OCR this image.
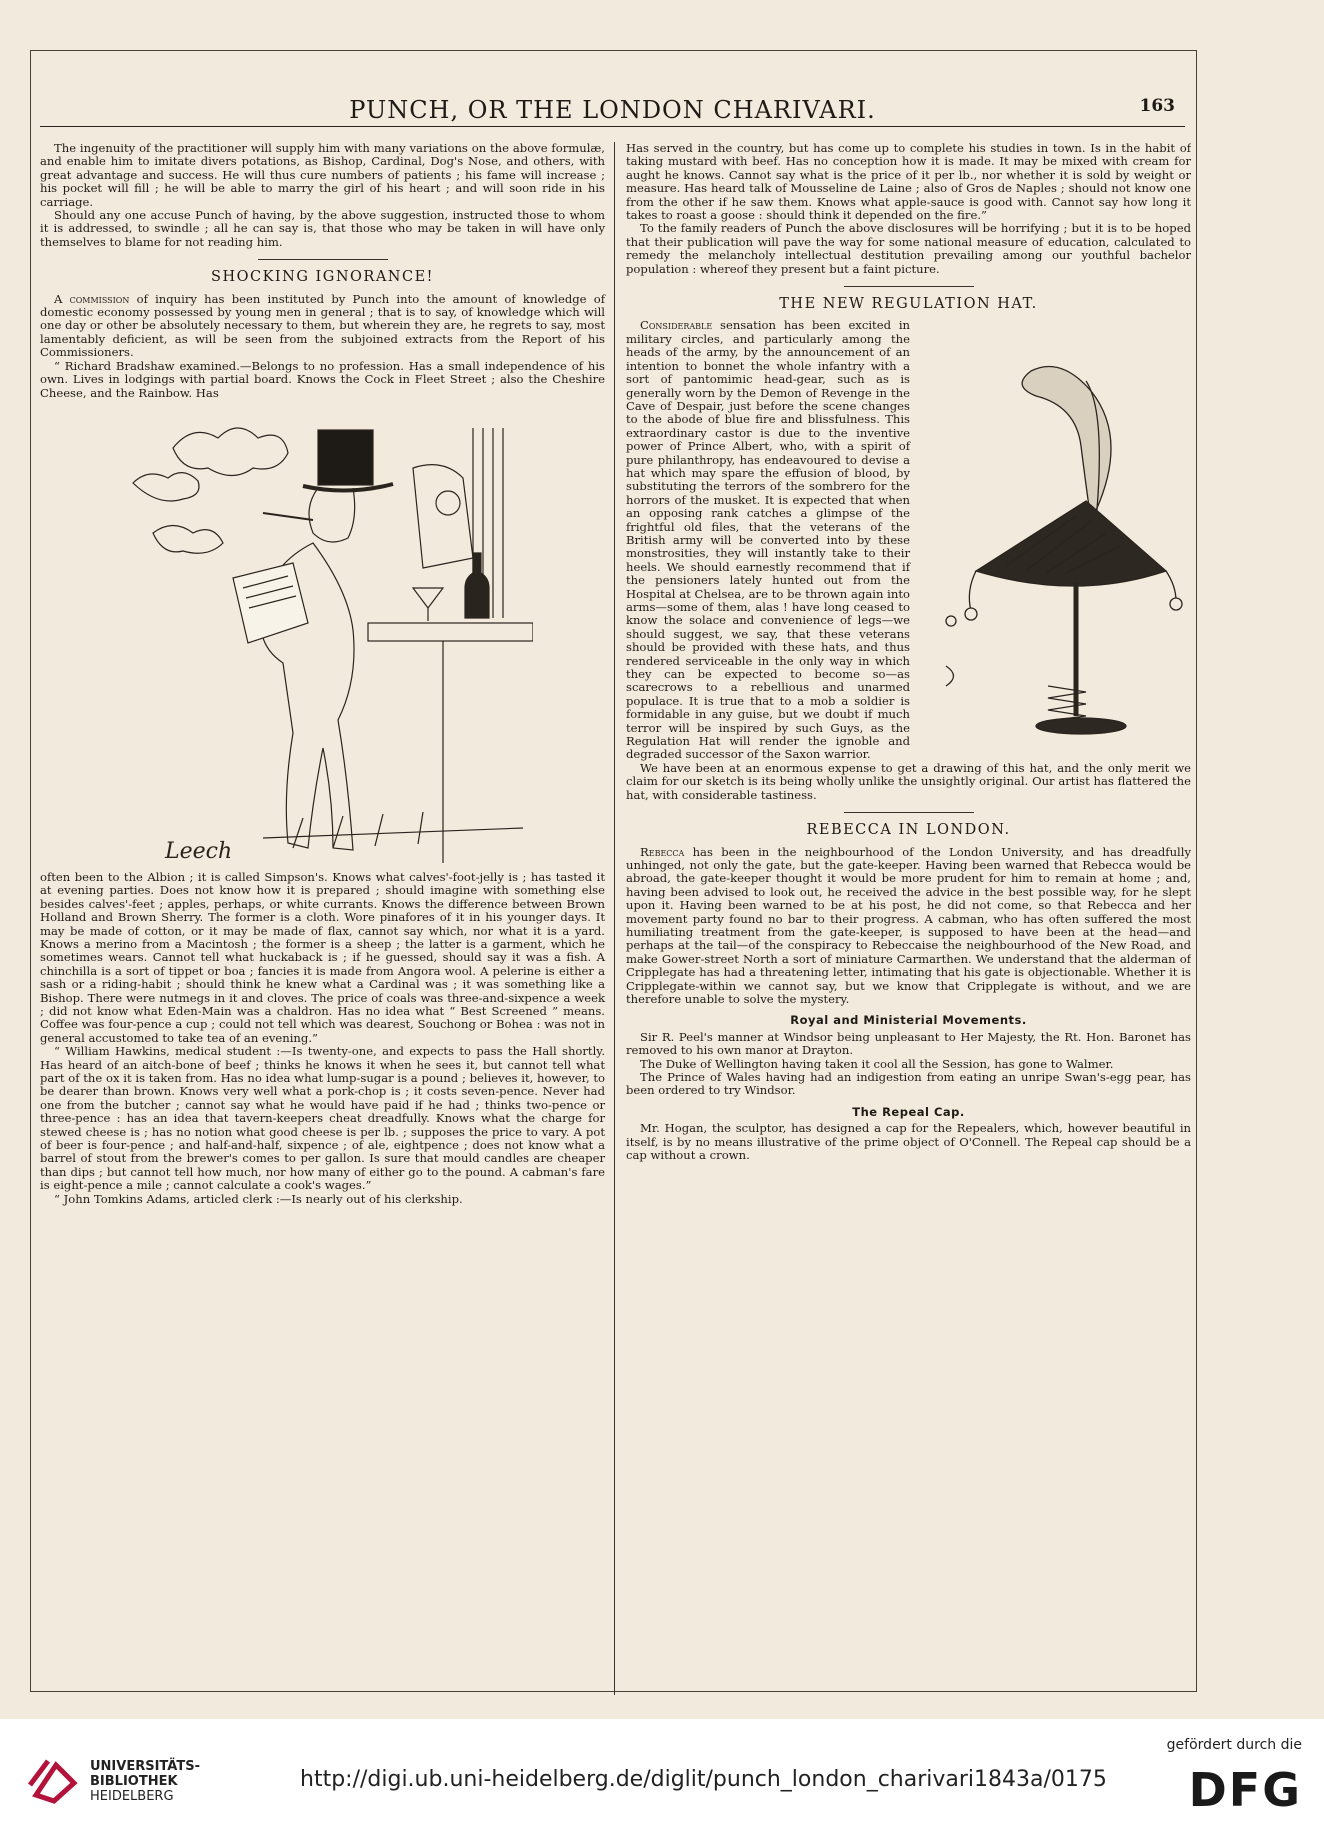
PUNCH, OR THE LONDON CHARIVARI.	163

The ingenuity of the practitioner will supply him with many variations on the above formulæ, and enable him to imitate divers potations, as Bishop, Cardinal, Dog's Nose, and others, with great advantage and success. He will thus cure numbers of patients ; his fame will increase ; his pocket will fill ; he will be able to marry the girl of his heart ; and will soon ride in his carriage.

Should any one accuse Punch of having, by the above suggestion, instructed those to whom it is addressed, to swindle ; all he can say is, that those who may be taken in will have only themselves to blame for not reading him.

SHOCKING IGNORANCE!

A commission of inquiry has been instituted by Punch into the amount of knowledge of domestic economy possessed by young men in general ; that is to say, of knowledge which will one day or other be absolutely necessary to them, but wherein they are, he regrets to say, most lamentably deficient, as will be seen from the subjoined extracts from the Report of his Commissioners.

“ Richard Bradshaw examined.—Belongs to no profession. Has a small independence of his own. Lives in lodgings with partial board. Knows the Cock in Fleet Street ; also the Cheshire Cheese, and the Rainbow. Has

Leech

often been to the Albion ; it is called Simpson's. Knows what calves'-foot-jelly is ; has tasted it at evening parties. Does not know how it is prepared ; should imagine with something else besides calves'-feet ; apples, perhaps, or white currants. Knows the difference between Brown Holland and Brown Sherry. The former is a cloth. Wore pinafores of it in his younger days. It may be made of cotton, or it may be made of flax, cannot say which, nor what it is a yard. Knows a merino from a Macintosh ; the former is a sheep ; the latter is a garment, which he sometimes wears. Cannot tell what huckaback is ; if he guessed, should say it was a fish. A chinchilla is a sort of tippet or boa ; fancies it is made from Angora wool. A pelerine is either a sash or a riding-habit ; should think he knew what a Cardinal was ; it was something like a Bishop. There were nutmegs in it and cloves. The price of coals was three-and-sixpence a week ; did not know what Eden-Main was a chaldron. Has no idea what “ Best Screened ” means. Coffee was four-pence a cup ; could not tell which was dearest, Souchong or Bohea : was not in general accustomed to take tea of an evening.”

“ William Hawkins, medical student :—Is twenty-one, and expects to pass the Hall shortly. Has heard of an aitch-bone of beef ; thinks he knows it when he sees it, but cannot tell what part of the ox it is taken from. Has no idea what lump-sugar is a pound ; believes it, however, to be dearer than brown. Knows very well what a pork-chop is ; it costs seven-pence. Never had one from the butcher ; cannot say what he would have paid if he had ; thinks two-pence or three-pence : has an idea that tavern-keepers cheat dreadfully. Knows what the charge for stewed cheese is ; has no notion what good cheese is per lb. ; supposes the price to vary. A pot of beer is four-pence ; and half-and-half, sixpence ; of ale, eightpence ; does not know what a barrel of stout from the brewer's comes to per gallon. Is sure that mould candles are cheaper than dips ; but cannot tell how much, nor how many of either go to the pound. A cabman's fare is eight-pence a mile ; cannot calculate a cook's wages.”

“ John Tomkins Adams, articled clerk :—Is nearly out of his clerkship.

Has served in the country, but has come up to complete his studies in town. Is in the habit of taking mustard with beef. Has no conception how it is made. It may be mixed with cream for aught he knows. Cannot say what is the price of it per lb., nor whether it is sold by weight or measure. Has heard talk of Mousseline de Laine ; also of Gros de Naples ; should not know one from the other if he saw them. Knows what apple-sauce is good with. Cannot say how long it takes to roast a goose : should think it depended on the fire.”

To the family readers of Punch the above disclosures will be horrifying ; but it is to be hoped that their publication will pave the way for some national measure of education, calculated to remedy the melancholy intellectual destitution prevailing among our youthful bachelor population : whereof they present but a faint picture.

THE NEW REGULATION HAT.

Considerable sensation has been excited in military circles, and particularly among the heads of the army, by the announcement of an intention to bonnet the whole infantry with a sort of pantomimic head-gear, such as is generally worn by the Demon of Revenge in the Cave of Despair, just before the scene changes to the abode of blue fire and blissfulness. This extraordinary castor is due to the inventive power of Prince Albert, who, with a spirit of pure philanthropy, has endeavoured to devise a hat which may spare the effusion of blood, by substituting the terrors of the sombrero for the horrors of the musket. It is expected that when an opposing rank catches a glimpse of the frightful old files, that the veterans of the British army will be converted into by these monstrosities, they will instantly take to their heels. We should earnestly recommend that if the pensioners lately hunted out from the Hospital at Chelsea, are to be thrown again into arms—some of them, alas ! have long ceased to know the solace and convenience of legs—we should suggest, we say, that these veterans should be provided with these hats, and thus rendered serviceable in the only way in which they can be expected to become so—as scarecrows to a rebellious and unarmed populace. It is true that to a mob a soldier is formidable in any guise, but we doubt if much terror will be inspired by such Guys, as the Regulation Hat will render the ignoble and degraded successor of the Saxon warrior.

We have been at an enormous expense to get a drawing of this hat, and the only merit we claim for our sketch is its being wholly unlike the unsightly original. Our artist has flattered the hat, with considerable tastiness.

REBECCA IN LONDON.

Rebecca has been in the neighbourhood of the London University, and has dreadfully unhinged, not only the gate, but the gate-keeper. Having been warned that Rebecca would be abroad, the gate-keeper thought it would be more prudent for him to remain at home ; and, having been advised to look out, he received the advice in the best possible way, for he slept upon it. Having been warned to be at his post, he did not come, so that Rebecca and her movement party found no bar to their progress. A cabman, who has often suffered the most humiliating treatment from the gate-keeper, is supposed to have been at the head—and perhaps at the tail—of the conspiracy to Rebeccaise the neighbourhood of the New Road, and make Gower-street North a sort of miniature Carmarthen. We understand that the alderman of Cripplegate has had a threatening letter, intimating that his gate is objectionable. Whether it is Cripplegate-within we cannot say, but we know that Cripplegate is without, and we are therefore unable to solve the mystery.

Royal and Ministerial Movements.

Sir R. Peel's manner at Windsor being unpleasant to Her Majesty, the Rt. Hon. Baronet has removed to his own manor at Drayton.

The Duke of Wellington having taken it cool all the Session, has gone to Walmer.

The Prince of Wales having had an indigestion from eating an unripe Swan's-egg pear, has been ordered to try Windsor.

The Repeal Cap.

Mr. Hogan, the sculptor, has designed a cap for the Repealers, which, however beautiful in itself, is by no means illustrative of the prime object of O'Connell. The Repeal cap should be a cap without a crown.

UNIVERSITÄTS-
BIBLIOTHEK
HEIDELBERG
http://digi.ub.uni-heidelberg.de/diglit/punch_london_charivari1843a/0175
gefördert durch die
DFG
